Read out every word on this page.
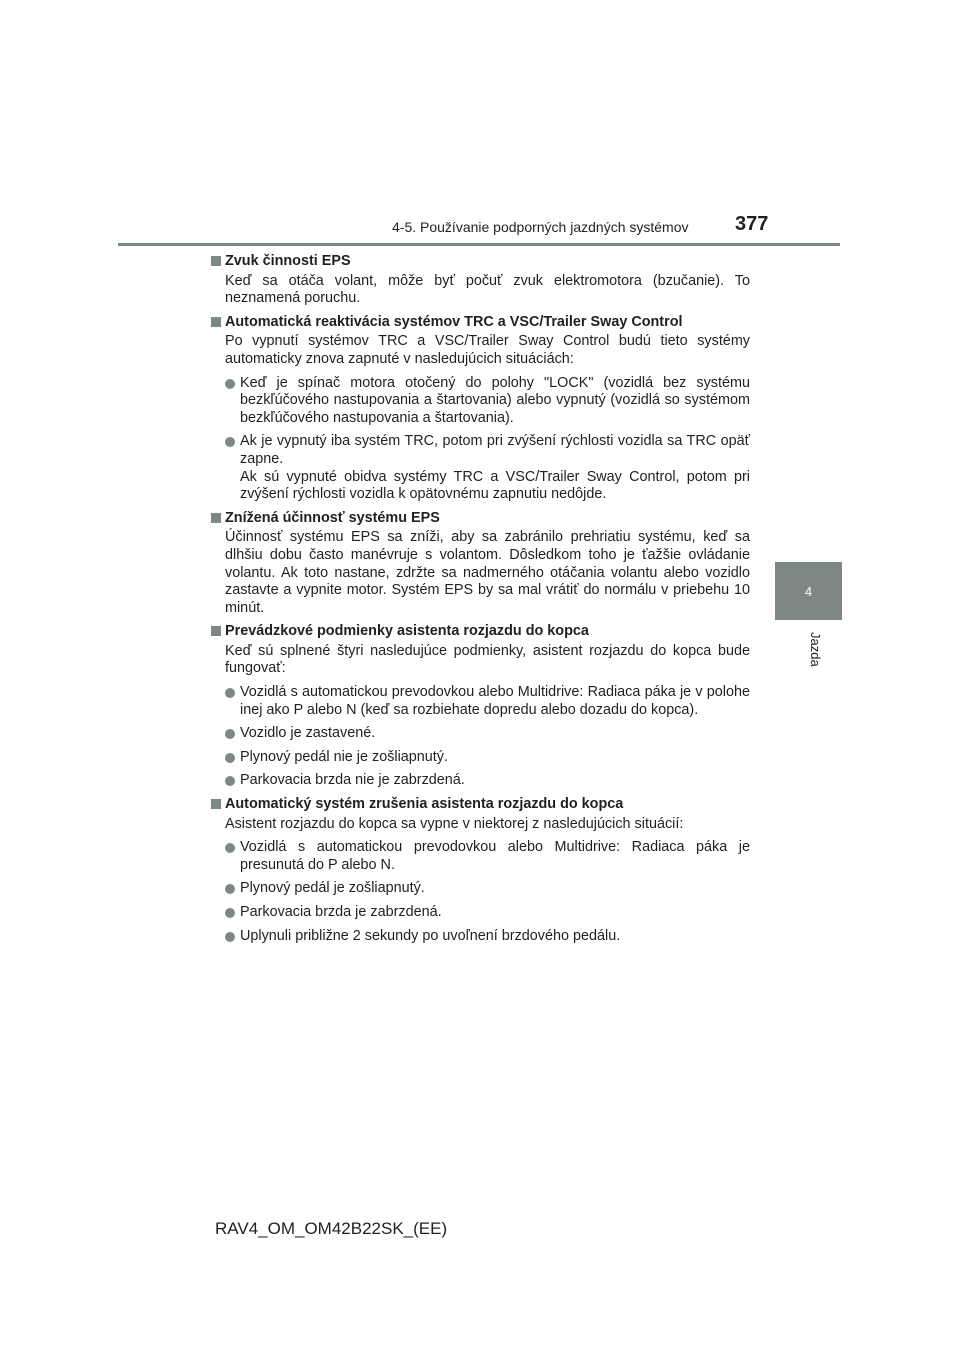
4-5. Používanie podporných jazdných systémov	377
4
Jazda
Zvuk činnosti EPS
Keď sa otáča volant, môže byť počuť zvuk elektromotora (bzučanie). To neznamená poruchu.
Automatická reaktivácia systémov TRC a VSC/Trailer Sway Control
Po vypnutí systémov TRC a VSC/Trailer Sway Control budú tieto systémy automaticky znova zapnuté v nasledujúcich situáciách:
Keď je spínač motora otočený do polohy "LOCK" (vozidlá bez systému bezkľúčového nastupovania a štartovania) alebo vypnutý (vozidlá so systémom bezkľúčového nastupovania a štartovania).
Ak je vypnutý iba systém TRC, potom pri zvýšení rýchlosti vozidla sa TRC opäť zapne.
Ak sú vypnuté obidva systémy TRC a VSC/Trailer Sway Control, potom pri zvýšení rýchlosti vozidla k opätovnému zapnutiu nedôjde.
Znížená účinnosť systému EPS
Účinnosť systému EPS sa zníži, aby sa zabránilo prehriatiu systému, keď sa dlhšiu dobu často manévruje s volantom. Dôsledkom toho je ťažšie ovládanie volantu. Ak toto nastane, zdržte sa nadmerného otáčania volantu alebo vozidlo zastavte a vypnite motor. Systém EPS by sa mal vrátiť do normálu v priebehu 10 minút.
Prevádzkové podmienky asistenta rozjazdu do kopca
Keď sú splnené štyri nasledujúce podmienky, asistent rozjazdu do kopca bude fungovať:
Vozidlá s automatickou prevodovkou alebo Multidrive: Radiaca páka je v polohe inej ako P alebo N (keď sa rozbiehate dopredu alebo dozadu do kopca).
Vozidlo je zastavené.
Plynový pedál nie je zošliapnutý.
Parkovacia brzda nie je zabrzdená.
Automatický systém zrušenia asistenta rozjazdu do kopca
Asistent rozjazdu do kopca sa vypne v niektorej z nasledujúcich situácií:
Vozidlá s automatickou prevodovkou alebo Multidrive: Radiaca páka je presunutá do P alebo N.
Plynový pedál je zošliapnutý.
Parkovacia brzda je zabrzdená.
Uplynuli približne 2 sekundy po uvoľnení brzdového pedálu.
RAV4_OM_OM42B22SK_(EE)
